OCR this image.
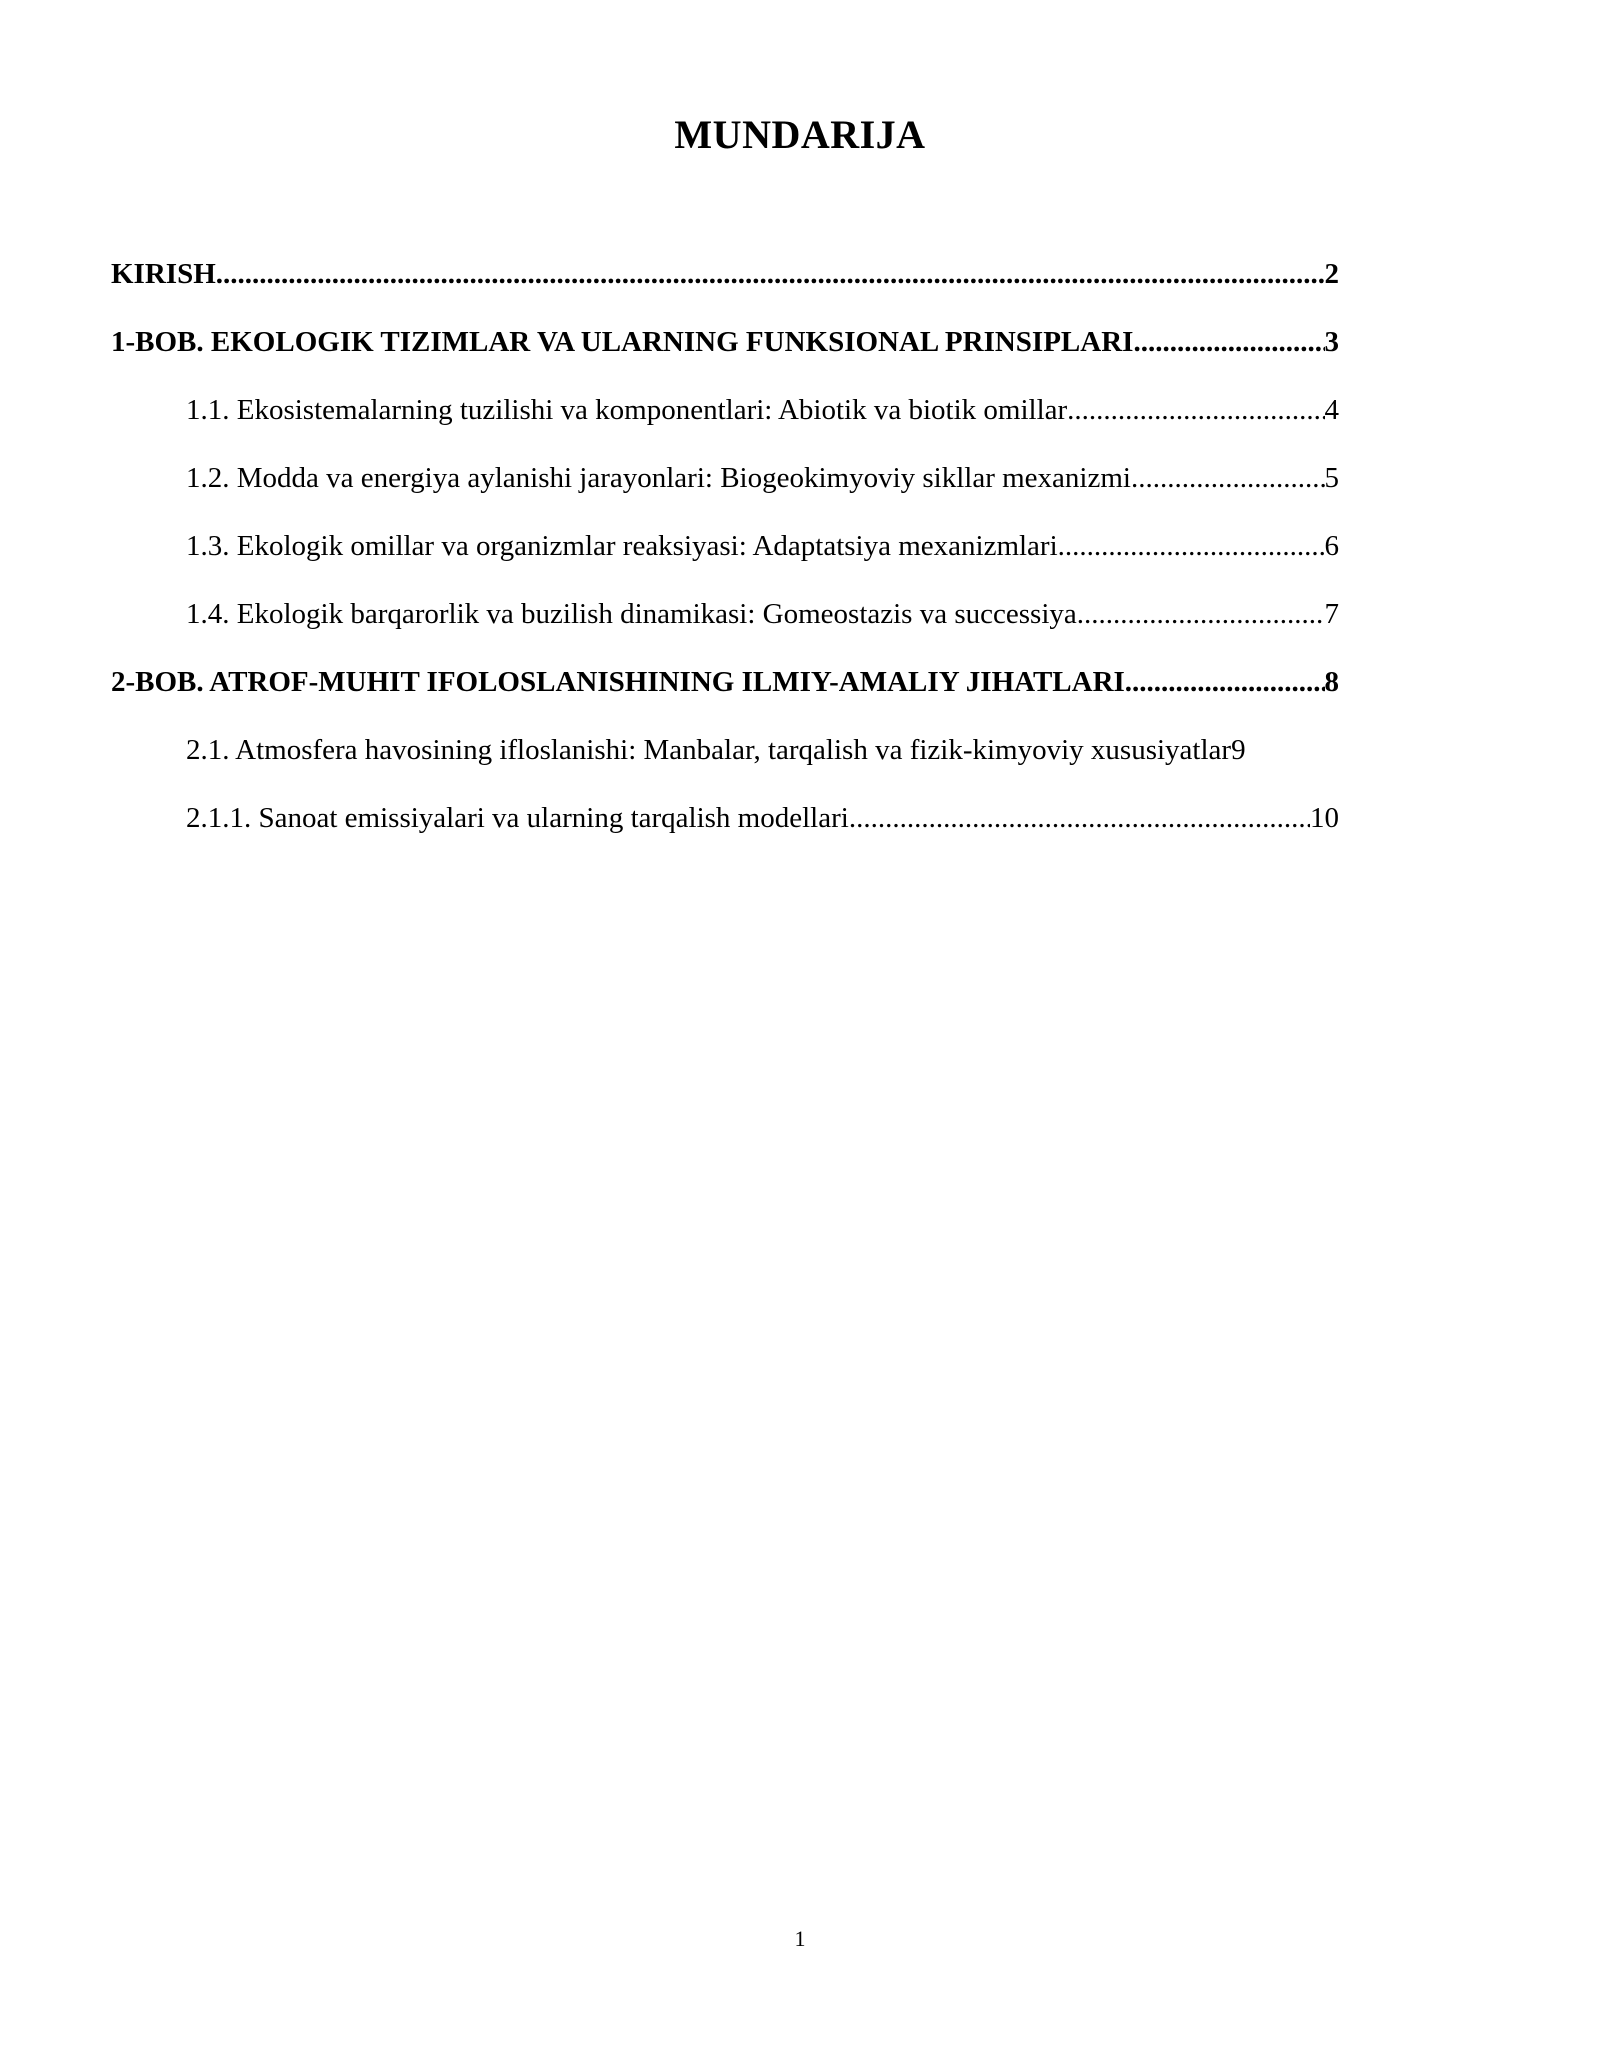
MUNDARIJA
KIRISH .....	2
1-BOB. EKOLOGIK TIZIMLAR VA ULARNING FUNKSIONAL PRINSIPLARI .....	3
1.1. Ekosistemalarning tuzilishi va komponentlari: Abiotik va biotik omillar .....	4
1.2. Modda va energiya aylanishi jarayonlari: Biogeokimyoviy sikllar mexanizmi .....	5
1.3. Ekologik omillar va organizmlar reaksiyasi: Adaptatsiya mexanizmlari .....	6
1.4. Ekologik barqarorlik va buzilish dinamikasi: Gomeostazis va successiya .....	7
2-BOB. ATROF-MUHIT IFOLOSLANISHINING ILMIY-AMALIY JIHATLARI .....	8
2.1. Atmosfera havosining ifloslanishi: Manbalar, tarqalish va fizik-kimyoviy xususiyatlar 9
2.1.1. Sanoat emissiyalari va ularning tarqalish modellari .....	10
1
